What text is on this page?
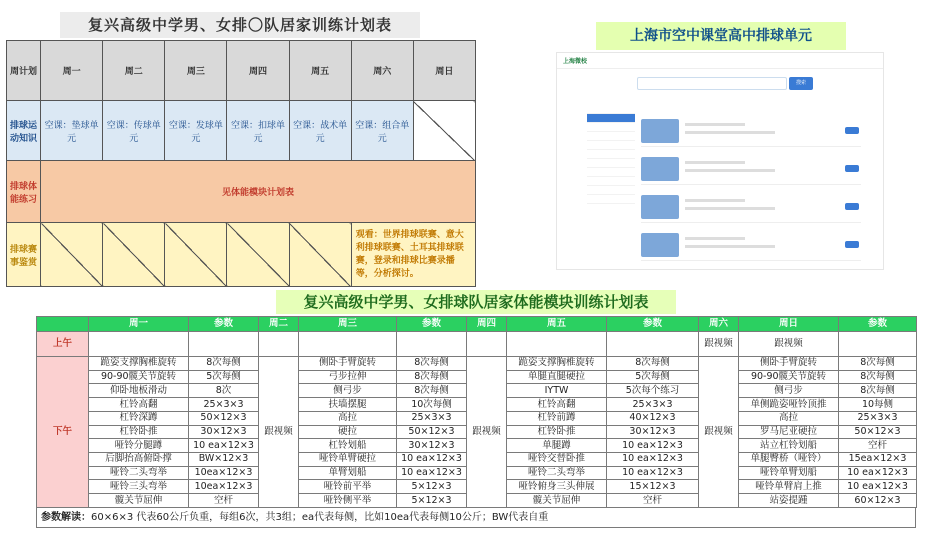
复兴高级中学男、女排〇队居家训练计划表
周计划	周一	周二	周三	周四	周五	周六	周日
排球运动知识	空课：垫球单元	空课：传球单元	空课：发球单元	空课：扣球单元	空课：战术单元	空课：组合单元	
排球体能练习	见体能模块计划表						
排球赛事鉴赏						观看：世界排球联赛、意大利排球联赛、土耳其排球联赛，登录和排球比赛录播等，分析探讨。	
上海市空中课堂高中排球单元
上海微校
搜索
复兴高级中学男、女排球队居家体能模块训练计划表
	周一	参数	周二	周三	参数	周四	周五	参数	周六	周日	参数
上午									跟视频	跟视频	
下午	跪姿支撑胸椎旋转	8次每侧	跟视频	侧卧手臂旋转	8次每侧	跟视频	跪姿支撑胸椎旋转	8次每侧	跟视频	侧卧手臂旋转	8次每侧
	90-90髋关节旋转	5次每侧		弓步拉伸	8次每侧		单腿直腿硬拉	5次每侧		90-90髋关节旋转	8次每侧
	仰卧地板滑动	8次		侧弓步	8次每侧		IYTW	5次每个练习		侧弓步	8次每侧
	杠铃高翻	25×3×3		扶墙摆腿	10次每侧		杠铃高翻	25×3×3		单侧跪姿哑铃顶推	10每侧
	杠铃深蹲	50×12×3		高拉	25×3×3		杠铃前蹲	40×12×3		高拉	25×3×3
	杠铃卧推	30×12×3		硬拉	50×12×3		杠铃卧推	30×12×3		罗马尼亚硬拉	50×12×3
	哑铃分腿蹲	10 ea×12×3		杠铃划船	30×12×3		单腿蹲	10 ea×12×3		站立杠铃划船	空杆
	后脚抬高俯卧撑	BW×12×3		哑铃单臂硬拉	10 ea×12×3		哑铃交替卧推	10 ea×12×3		单腿臀桥（哑铃）	15ea×12×3
	哑铃二头弯举	10ea×12×3		单臂划船	10 ea×12×3		哑铃二头弯举	10 ea×12×3		哑铃单臂划船	10 ea×12×3
	哑铃三头弯举	10ea×12×3		哑铃前平举	5×12×3		哑铃俯身三头伸展	15×12×3		哑铃单臂肩上推	10 ea×12×3
	髋关节屈伸	空杆		哑铃侧平举	5×12×3		髋关节屈伸	空杆		站姿提踵	60×12×3
参数解读：60×6×3 代表60公斤负重，每组6次，共3组；ea代表每侧，比如10ea代表每侧10公斤；BW代表自重
